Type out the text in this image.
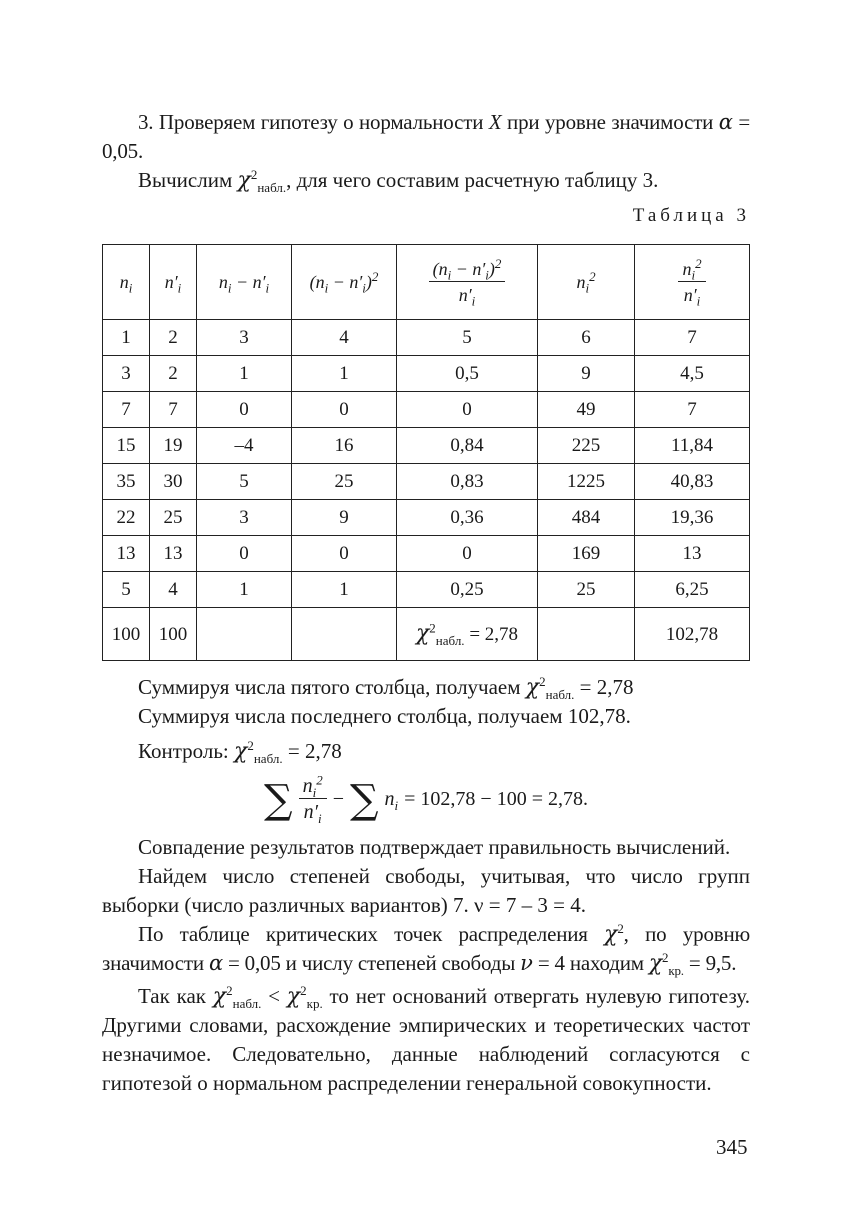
3. Проверяем гипотезу о нормальности X при уровне значимости α = 0,05.

Вычислим $\chi^2_{набл.}$, для чего составим расчетную таблицу 3.

Таблица 3
$n_i$	$n'_i$	$n_i - n'_i$	$(n_i - n'_i)^2$	$\frac{(n_i - n'_i)^2}{n'_i}$	$n_i^2$	$\frac{n_i^2}{n'_i}$

1	2	3	4	5	6	7
3	2	1	1	0,5	9	4,5
7	7	0	0	0	49	7
15	19	–4	16	0,84	225	11,84
35	30	5	25	0,83	1225	40,83
22	25	3	9	0,36	484	19,36
13	13	0	0	0	169	13
5	4	1	1	0,25	25	6,25
100	100			$\chi^2_{набл.} = 2,78$		102,78

Суммируя числа пятого столбца, получаем $\chi^2_{набл.} = 2,78$

Суммируя числа последнего столбца, получаем 102,78.

Контроль: $\chi^2_{набл.} = 2,78$

∑ $\frac{n_i^2}{n'_i}$ − ∑ $n_i = 102,78 - 100 = 2,78$.

Совпадение результатов подтверждает правильность вычислений.

Найдем число степеней свободы, учитывая, что число групп выборки (число различных вариантов) 7. ν = 7 – 3 = 4.

По таблице критических точек распределения $\chi^2$, по уровню значимости α = 0,05 и числу степеней свободы ν = 4 находим $\chi^2_{кр.} = 9,5$.

Так как $\chi^2_{набл.} < \chi^2_{кр.}$ то нет оснований отвергать нулевую гипотезу. Другими словами, расхождение эмпирических и теоретических частот незначимое. Следовательно, данные наблюдений согласуются с гипотезой о нормальном распределении генеральной совокупности.

345
